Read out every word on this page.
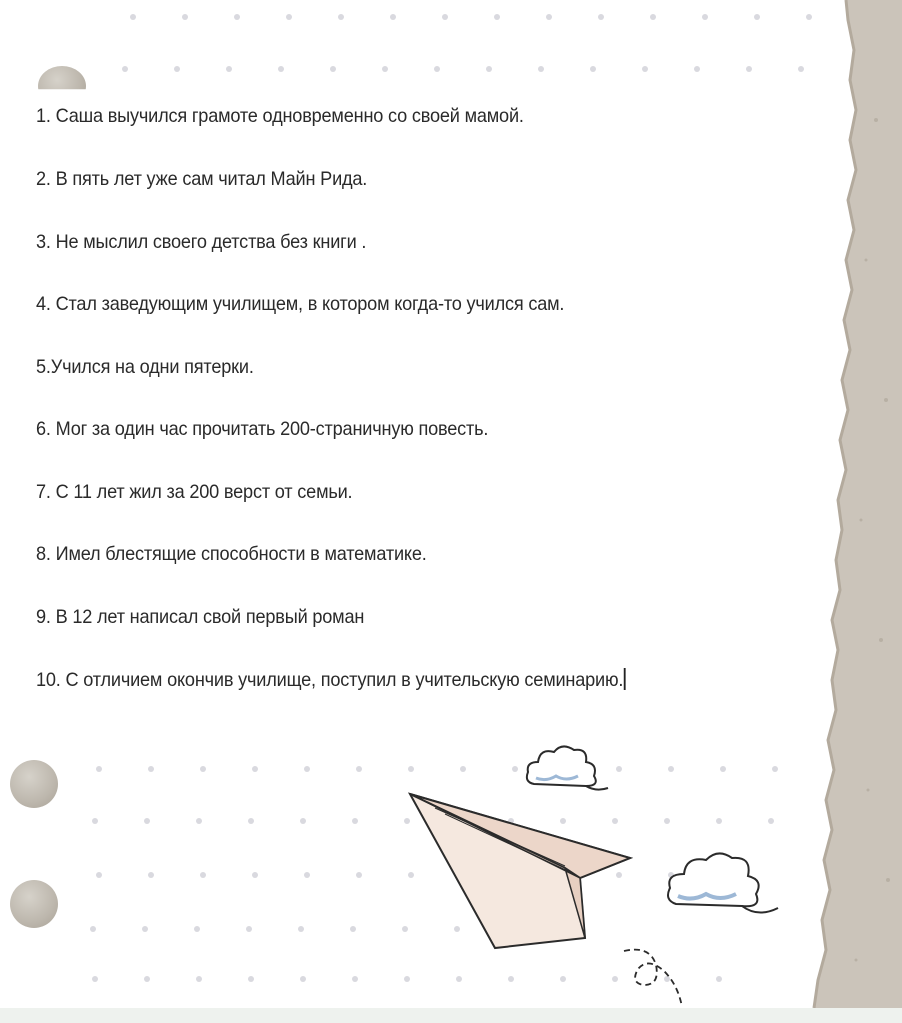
1. Саша выучился грамоте одновременно со своей мамой.
2. В пять лет уже сам читал Майн Рида.
3. Не мыслил своего детства без книги .
4. Стал заведующим училищем, в котором когда-то учился сам.
5.Учился на одни пятерки.
6. Мог за один час прочитать 200-страничную повесть.
7. С 11 лет жил за 200 верст от семьи.
8. Имел блестящие способности в математике.
9. В 12 лет написал свой первый роман
10. С отличием окончив училище, поступил в учительскую семинарию.
